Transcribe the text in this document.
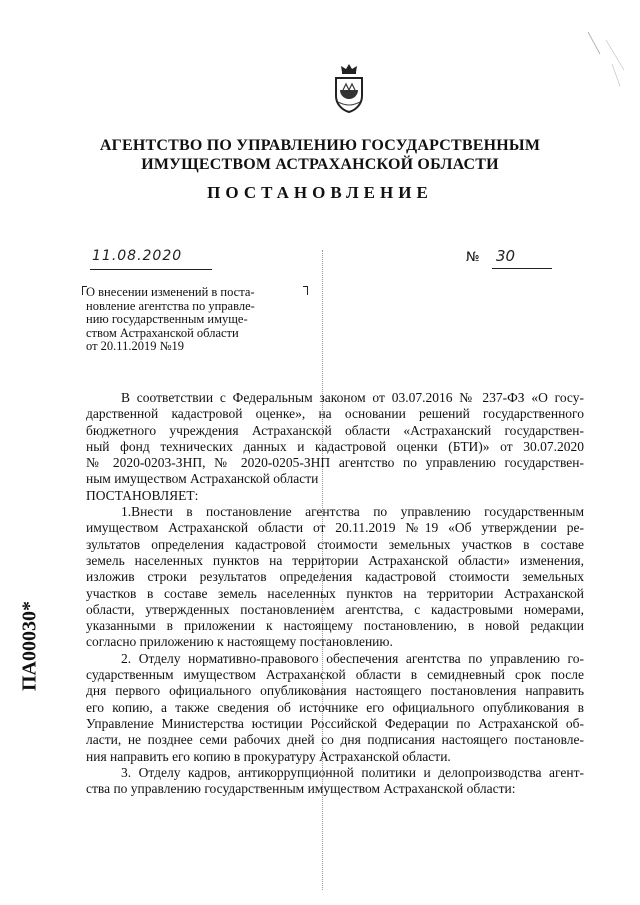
АГЕНТСТВО ПО УПРАВЛЕНИЮ ГОСУДАРСТВЕННЫМ
ИМУЩЕСТВОМ АСТРАХАНСКОЙ ОБЛАСТИ
ПОСТАНОВЛЕНИЕ
11.08.2020	№ 30
О внесении изменений в поста-
новление агентства по управле-
нию государственным имуще-
ством Астраханской области
от 20.11.2019 №19
В соответствии с Федеральным законом от 03.07.2016 № 237-ФЗ «О госу-
дарственной кадастровой оценке», на основании решений государственного
бюджетного учреждения Астраханской области «Астраханский государствен-
ный фонд технических данных и кадастровой оценки (БТИ)» от 30.07.2020
№ 2020-0203-ЗНП, № 2020-0205-ЗНП агентство по управлению государствен-
ным имуществом Астраханской области
ПОСТАНОВЛЯЕТ:
1.Внести в постановление агентства по управлению государственным
имуществом Астраханской области от 20.11.2019 №19 «Об утверждении ре-
зультатов определения кадастровой стоимости земельных участков в составе
земель населенных пунктов на территории Астраханской области» изменения,
изложив строки результатов определения кадастровой стоимости земельных
участков в составе земель населенных пунктов на территории Астраханской
области, утвержденных постановлением агентства, с кадастровыми номерами,
указанными в приложении к настоящему постановлению, в новой редакции
согласно приложению к настоящему постановлению.
2. Отделу нормативно-правового обеспечения агентства по управлению го-
сударственным имуществом Астраханской области в семидневный срок после
дня первого официального опубликования настоящего постановления направить
его копию, а также сведения об источнике его официального опубликования в
Управление Министерства юстиции Российской Федерации по Астраханской об-
ласти, не позднее семи рабочих дней со дня подписания настоящего постановле-
ния направить его копию в прокуратуру Астраханской области.
3. Отделу кадров, антикоррупционной политики и делопроизводства агент-
ства по управлению государственным имуществом Астраханской области:
ПА00030*
